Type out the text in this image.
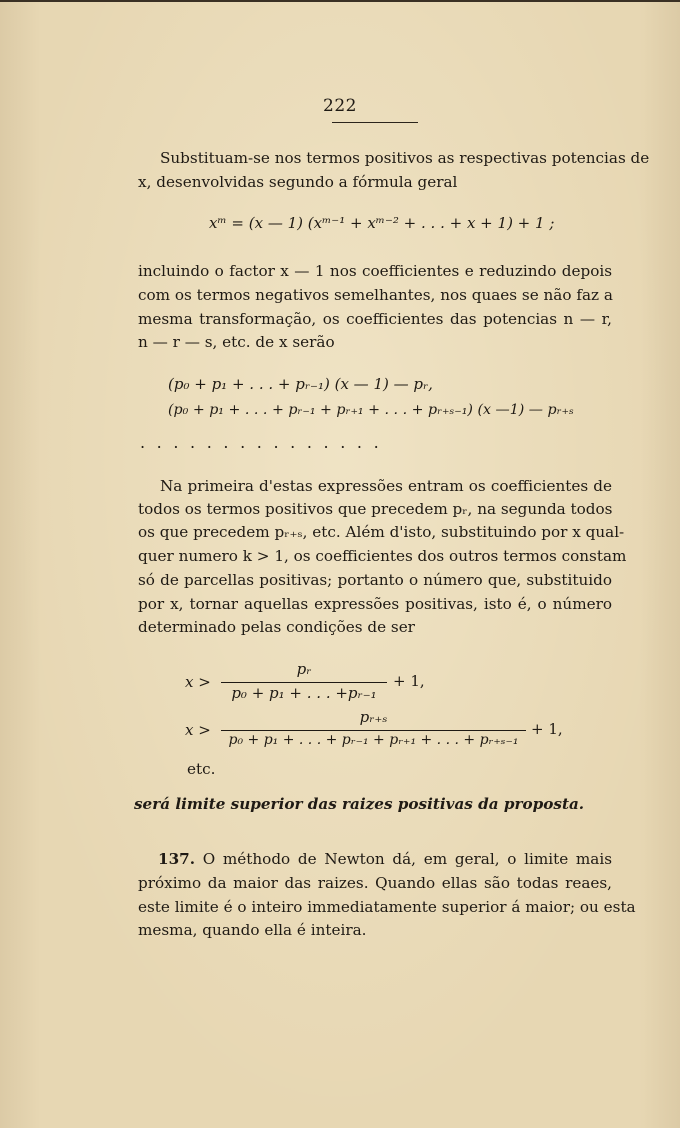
222
Substituam-se nos termos positivos as respectivas potencias de
x, desenvolvidas segundo a fórmula geral
xᵐ = (x — 1) (xᵐ⁻¹ + xᵐ⁻² + . . . + x + 1) + 1 ;
incluindo o factor x — 1 nos coefficientes e reduzindo depois
com os termos negativos semelhantes, nos quaes se não faz a
mesma transformação, os coefficientes das potencias n — r,
n — r — s, etc. de x serão
(p₀ + p₁ + . . . + pᵣ₋₁) (x — 1) — pᵣ,
(p₀ + p₁ + . . . + pᵣ₋₁ + pᵣ₊₁ + . . . + pᵣ₊ₛ₋₁) (x —1) — pᵣ₊ₛ
...............
Na primeira d'estas expressões entram os coefficientes de
todos os termos positivos que precedem pᵣ, na segunda todos
os que precedem pᵣ₊ₛ, etc. Além d'isto, substituindo por x qual-
quer numero k > 1, os coefficientes dos outros termos constam
só de parcellas positivas; portanto o número que, substituido
por x, tornar aquellas expressões positivas, isto é, o número
determinado pelas condições de ser
x >
pᵣ
p₀ + p₁ + . . . +pᵣ₋₁
+ 1,
x >
pᵣ₊ₛ
p₀ + p₁ + . . . + pᵣ₋₁ + pᵣ₊₁ + . . . + pᵣ₊ₛ₋₁
+ 1,
etc.
será limite superior das raizes positivas da proposta.
137. O méthodo de Newton dá, em geral, o limite mais
próximo da maior das raizes. Quando ellas são todas reaes,
este limite é o inteiro immediatamente superior á maior; ou esta
mesma, quando ella é inteira.
